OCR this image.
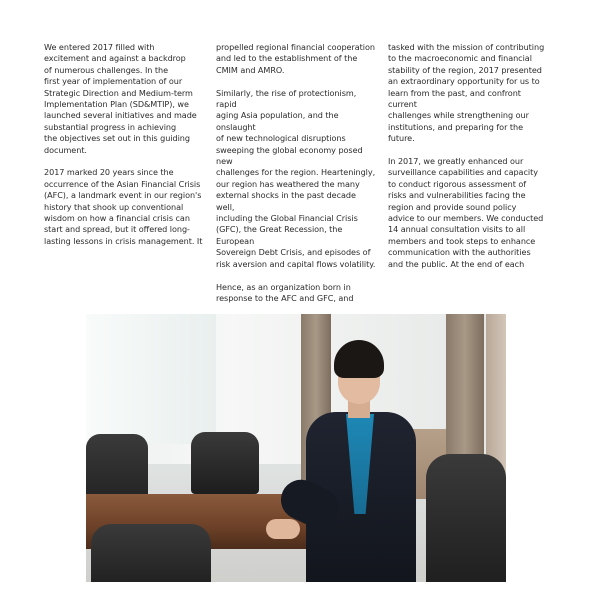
We entered 2017 filled with
excitement and against a backdrop
of numerous challenges. In the
first year of implementation of our
Strategic Direction and Medium-term
Implementation Plan (SD&MTIP), we
launched several initiatives and made
substantial progress in achieving
the objectives set out in this guiding
document.

2017 marked 20 years since the
occurrence of the Asian Financial Crisis
(AFC), a landmark event in our region's
history that shook up conventional
wisdom on how a financial crisis can
start and spread, but it offered long-
lasting lessons in crisis management. It

propelled regional financial cooperation
and led to the establishment of the
CMIM and AMRO.

Similarly, the rise of protectionism, rapid
aging Asia population, and the onslaught
of new technological disruptions
sweeping the global economy posed new
challenges for the region. Hearteningly,
our region has weathered the many
external shocks in the past decade well,
including the Global Financial Crisis
(GFC), the Great Recession, the European
Sovereign Debt Crisis, and episodes of
risk aversion and capital flows volatility.

Hence, as an organization born in
response to the AFC and GFC, and

tasked with the mission of contributing
to the macroeconomic and financial
stability of the region, 2017 presented
an extraordinary opportunity for us to
learn from the past, and confront current
challenges while strengthening our
institutions, and preparing for the future.

In 2017, we greatly enhanced our
surveillance capabilities and capacity
to conduct rigorous assessment of
risks and vulnerabilities facing the
region and provide sound policy
advice to our members. We conducted
14 annual consultation visits to all
members and took steps to enhance
communication with the authorities
and the public. At the end of each
